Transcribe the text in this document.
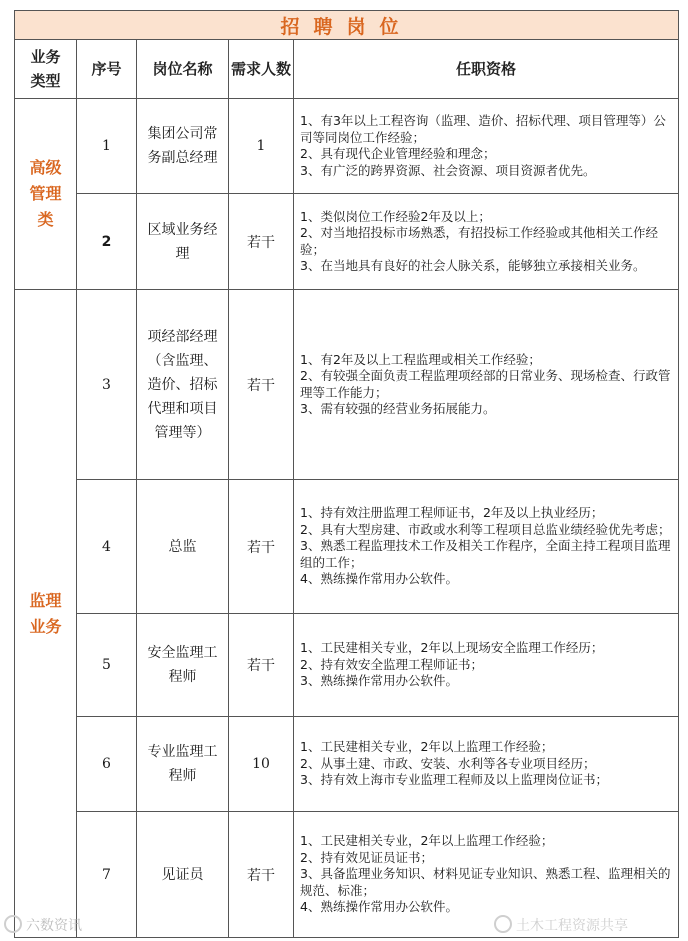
招聘岗位				
业务类型	序号	岗位名称	需求人数	任职资格
高级管理类	1	集团公司常务副总经理	1	1、有3年以上工程咨询（监理、造价、招标代理、项目管理等）公司等同岗位工作经验；
2、具有现代企业管理经验和理念；
3、有广泛的跨界资源、社会资源、项目资源者优先。

	2	区域业务经理	若干	1、类似岗位工作经验2年及以上；
2、对当地招投标市场熟悉，有招投标工作经验或其他相关工作经验；
3、在当地具有良好的社会人脉关系，能够独立承接相关业务。

监理业务	3	项经部经理（含监理、造价、招标代理和项目管理等）	若干	1、有2年及以上工程监理或相关工作经验；
2、有较强全面负责工程监理项经部的日常业务、现场检查、行政管理等工作能力；
3、需有较强的经营业务拓展能力。

	4	总监	若干	1、持有效注册监理工程师证书，2年及以上执业经历；
2、具有大型房建、市政或水利等工程项目总监业绩经验优先考虑；
3、熟悉工程监理技术工作及相关工作程序，全面主持工程项目监理组的工作；
4、熟练操作常用办公软件。

	5	安全监理工程师	若干	1、工民建相关专业，2年以上现场安全监理工作经历；
2、持有效安全监理工程师证书；
3、熟练操作常用办公软件。

	6	专业监理工程师	10	1、工民建相关专业，2年以上监理工作经验；
2、从事土建、市政、安装、水利等各专业项目经历；
3、持有效上海市专业监理工程师及以上监理岗位证书；

	7	见证员	若干	1、工民建相关专业，2年以上监理工作经验；
2、持有效见证员证书；
3、具备监理业务知识、材料见证专业知识、熟悉工程、监理相关的规范、标准；
4、熟练操作常用办公软件。
六数资讯	土木工程资源共享
